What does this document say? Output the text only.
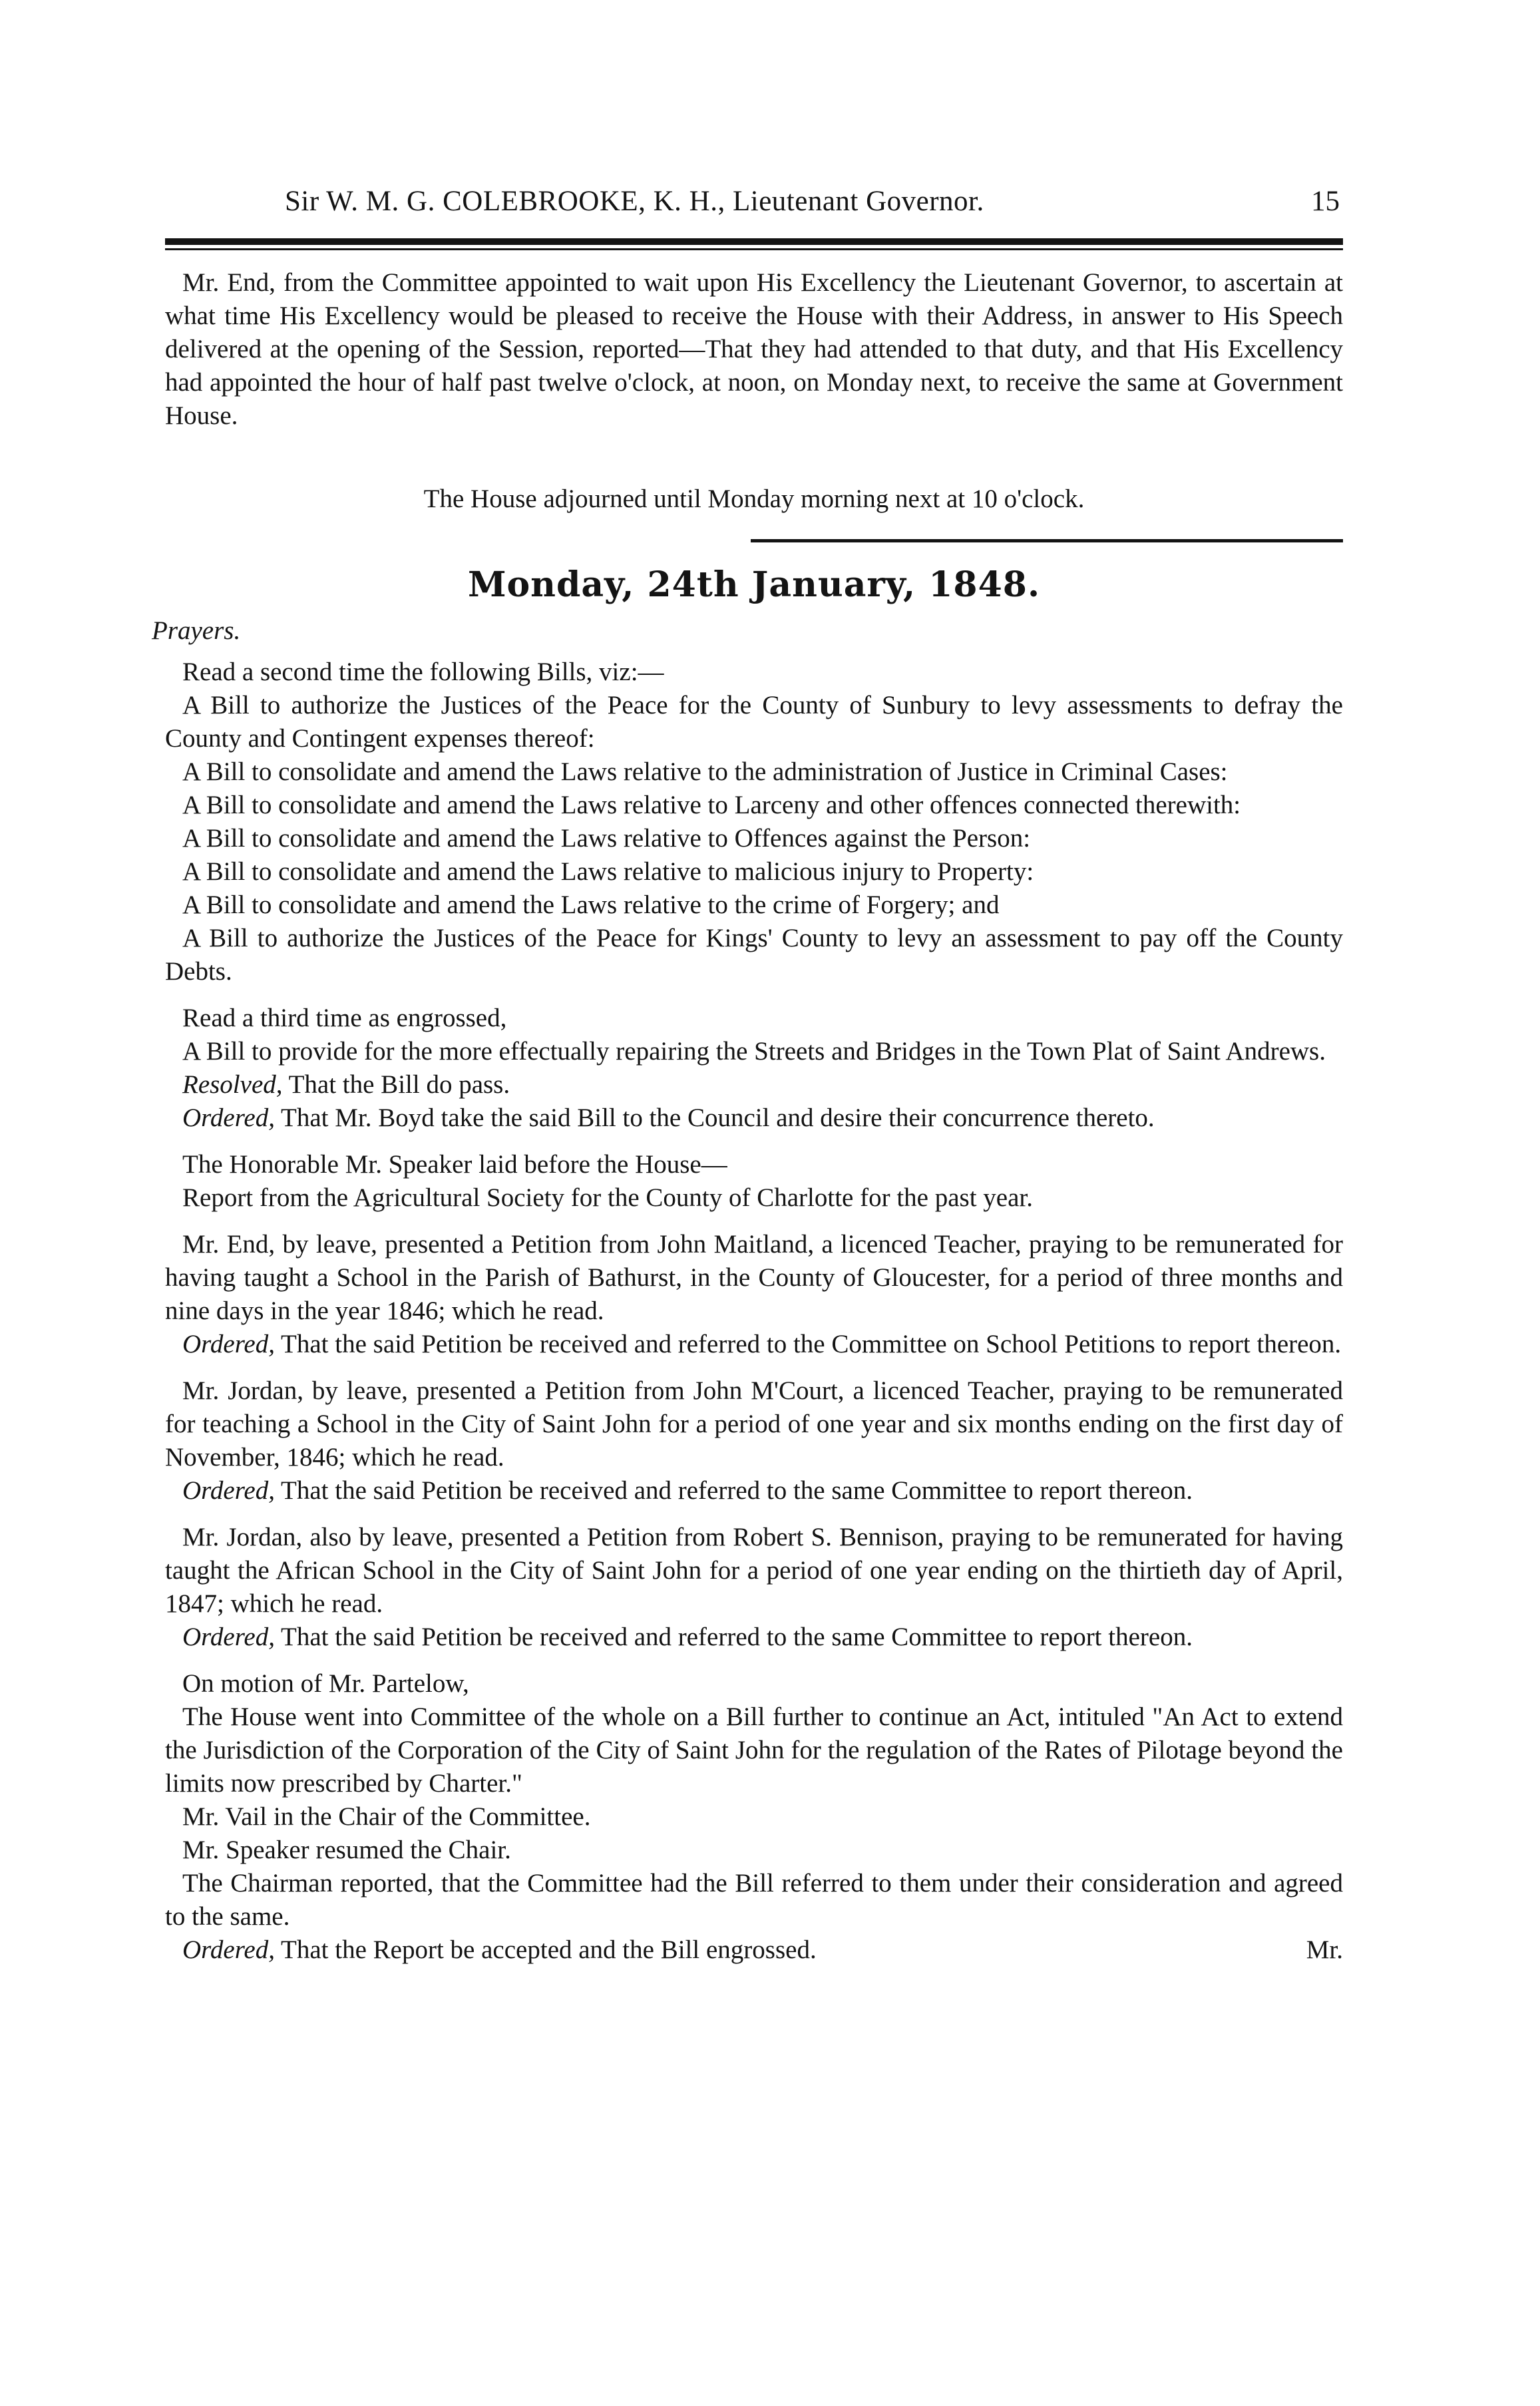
Sir W. M. G. COLEBROOKE, K. H., Lieutenant Governor.	15

Mr. End, from the Committee appointed to wait upon His Excellency the Lieutenant Governor, to ascertain at what time His Excellency would be pleased to receive the House with their Address, in answer to His Speech delivered at the opening of the Session, reported—That they had attended to that duty, and that His Excellency had appointed the hour of half past twelve o'clock, at noon, on Monday next, to receive the same at Government House.

The House adjourned until Monday morning next at 10 o'clock.

Monday, 24th January, 1848.
Prayers.

Read a second time the following Bills, viz:—

A Bill to authorize the Justices of the Peace for the County of Sunbury to levy assessments to defray the County and Contingent expenses thereof:

A Bill to consolidate and amend the Laws relative to the administration of Justice in Criminal Cases:

A Bill to consolidate and amend the Laws relative to Larceny and other offences connected therewith:

A Bill to consolidate and amend the Laws relative to Offences against the Person:

A Bill to consolidate and amend the Laws relative to malicious injury to Property:

A Bill to consolidate and amend the Laws relative to the crime of Forgery; and

A Bill to authorize the Justices of the Peace for Kings' County to levy an assessment to pay off the County Debts.

Read a third time as engrossed,

A Bill to provide for the more effectually repairing the Streets and Bridges in the Town Plat of Saint Andrews.

Resolved, That the Bill do pass.

Ordered, That Mr. Boyd take the said Bill to the Council and desire their concurrence thereto.

The Honorable Mr. Speaker laid before the House—

Report from the Agricultural Society for the County of Charlotte for the past year.

Mr. End, by leave, presented a Petition from John Maitland, a licenced Teacher, praying to be remunerated for having taught a School in the Parish of Bathurst, in the County of Gloucester, for a period of three months and nine days in the year 1846; which he read.

Ordered, That the said Petition be received and referred to the Committee on School Petitions to report thereon.

Mr. Jordan, by leave, presented a Petition from John M'Court, a licenced Teacher, praying to be remunerated for teaching a School in the City of Saint John for a period of one year and six months ending on the first day of November, 1846; which he read.

Ordered, That the said Petition be received and referred to the same Committee to report thereon.

Mr. Jordan, also by leave, presented a Petition from Robert S. Bennison, praying to be remunerated for having taught the African School in the City of Saint John for a period of one year ending on the thirtieth day of April, 1847; which he read.

Ordered, That the said Petition be received and referred to the same Committee to report thereon.

On motion of Mr. Partelow,

The House went into Committee of the whole on a Bill further to continue an Act, intituled "An Act to extend the Jurisdiction of the Corporation of the City of Saint John for the regulation of the Rates of Pilotage beyond the limits now prescribed by Charter."

Mr. Vail in the Chair of the Committee.

Mr. Speaker resumed the Chair.

The Chairman reported, that the Committee had the Bill referred to them under their consideration and agreed to the same.

Ordered, That the Report be accepted and the Bill engrossed.	Mr.
